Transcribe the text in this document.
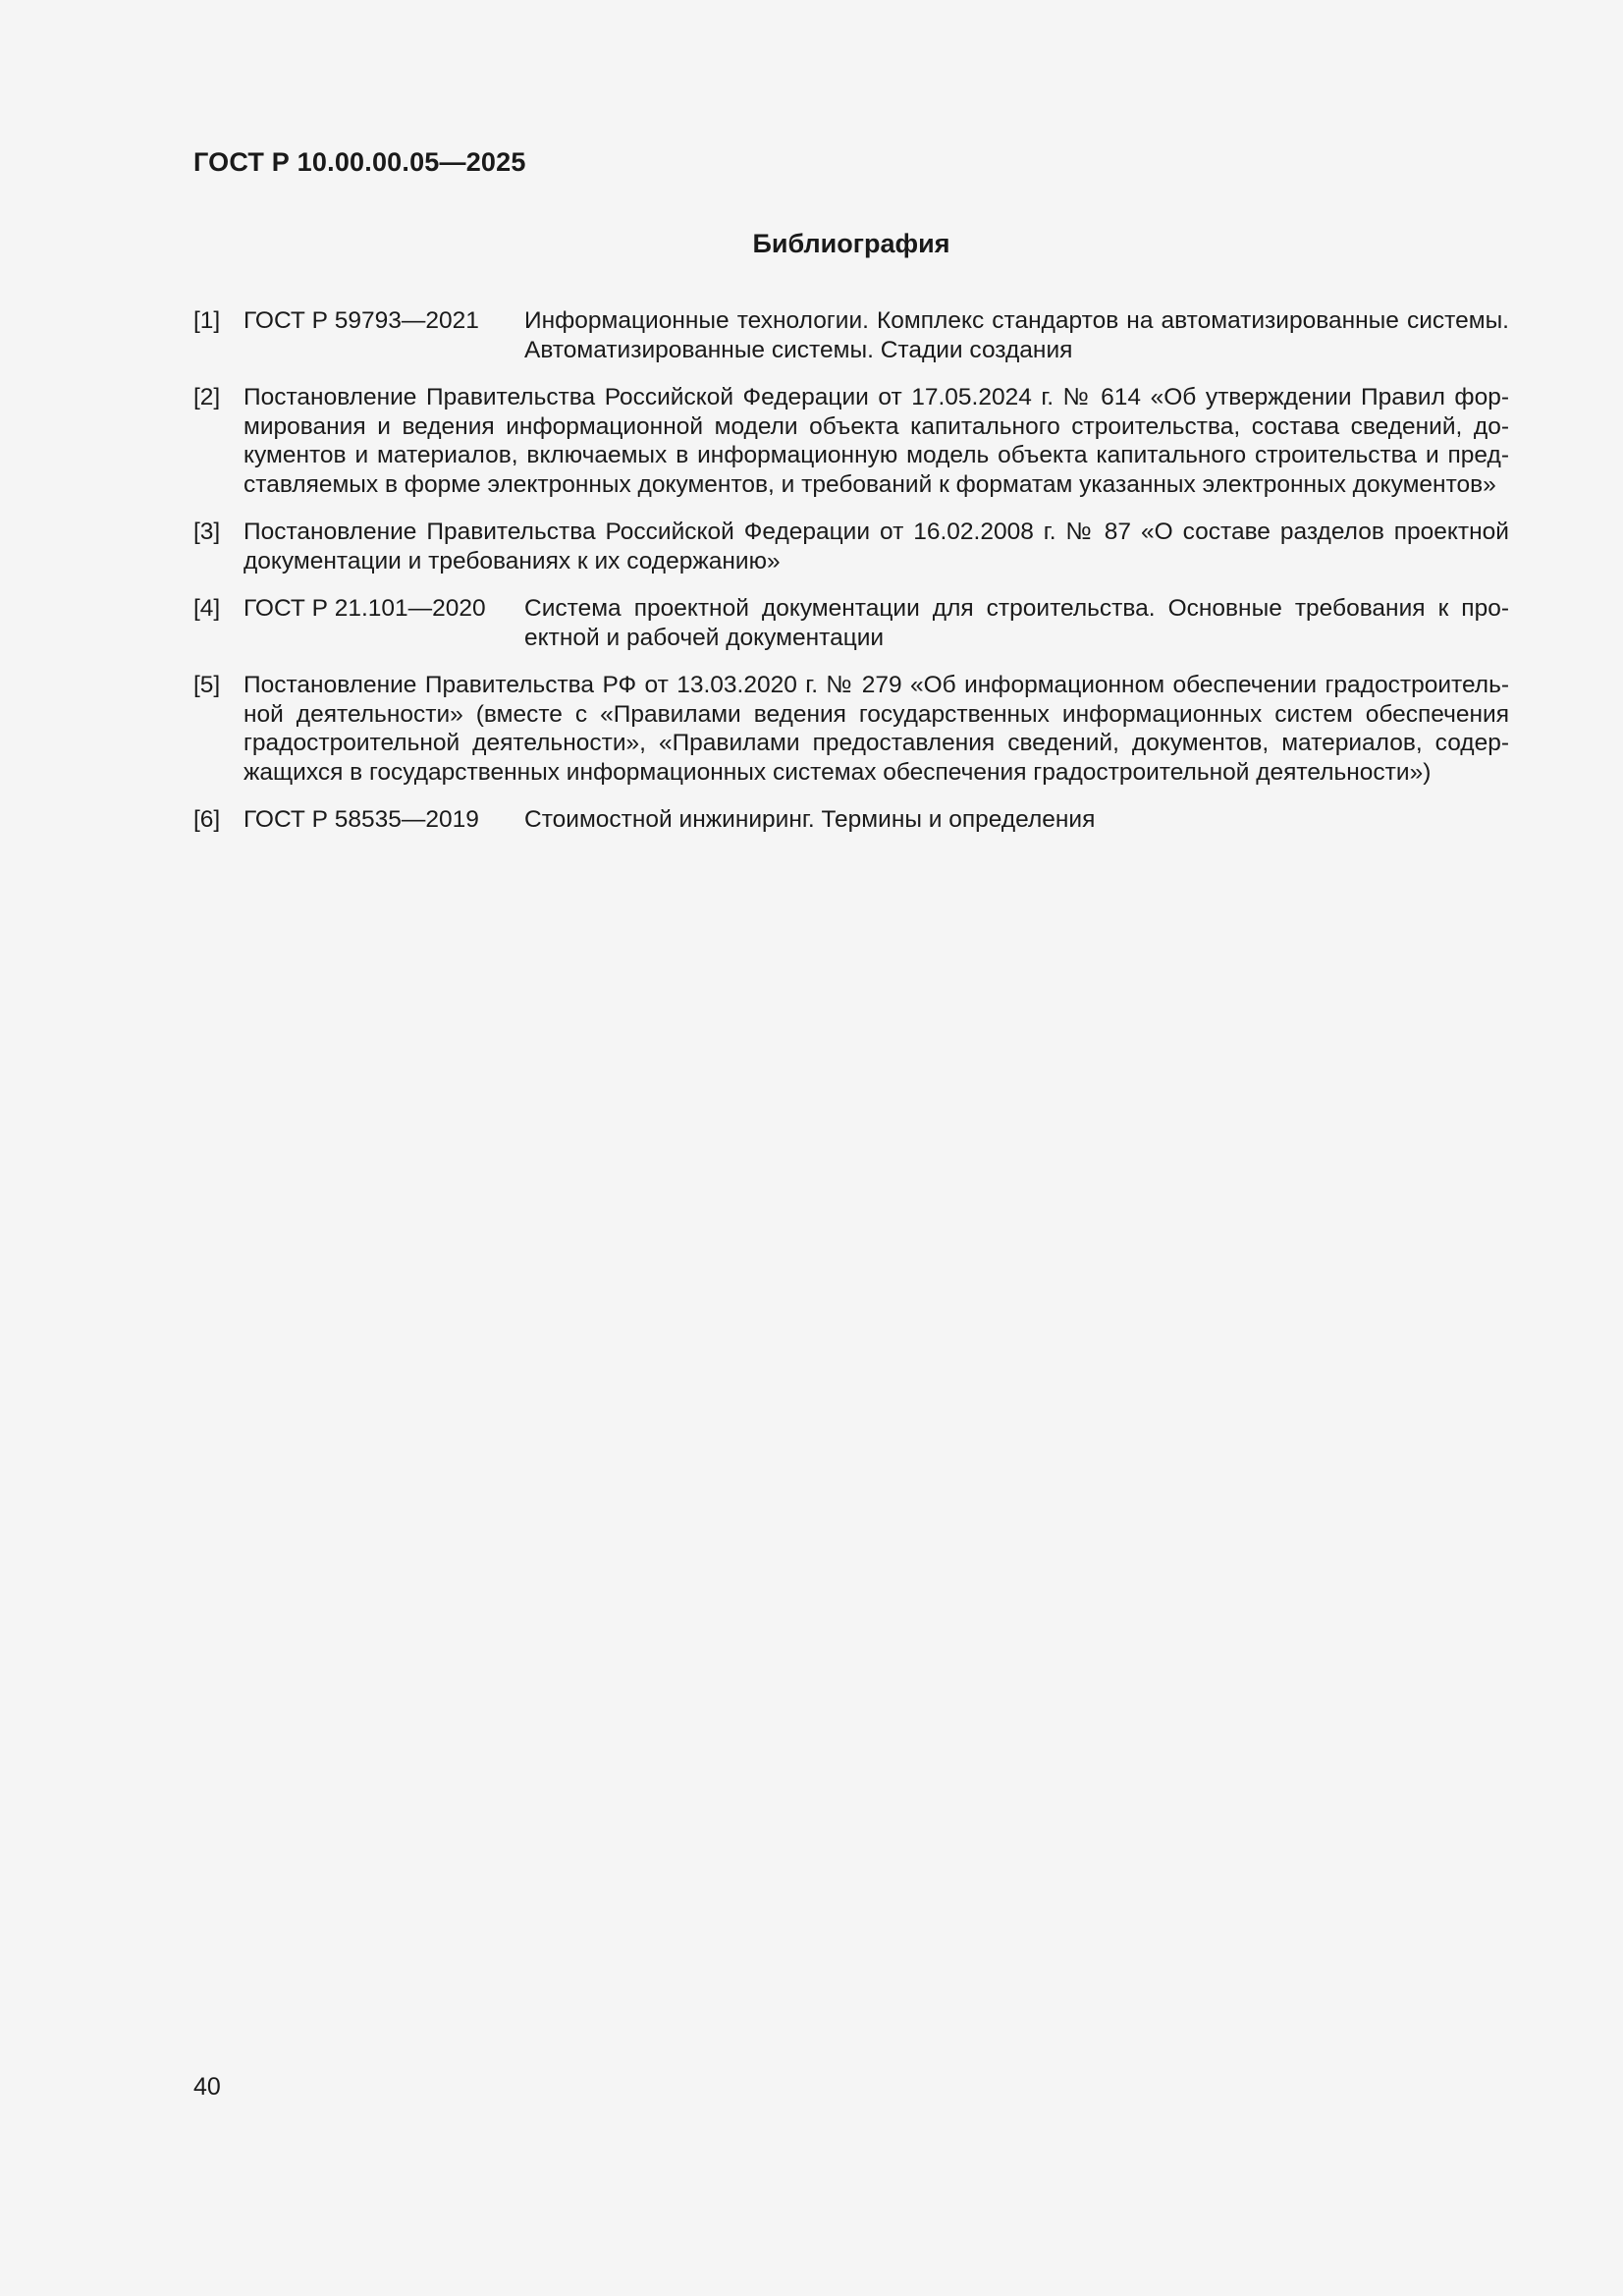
ГОСТ Р 10.00.00.05—2025
Библиография
[1] ГОСТ Р 59793—2021 Информационные технологии. Комплекс стандартов на автоматизированные системы. Автоматизированные системы. Стадии создания
[2] Постановление Правительства Российской Федерации от 17.05.2024 г. № 614 «Об утверждении Правил формирования и ведения информационной модели объекта капитального строительства, состава сведений, документов и материалов, включаемых в информационную модель объекта капитального строительства и представляемых в форме электронных документов, и требований к форматам указанных электронных документов»
[3] Постановление Правительства Российской Федерации от 16.02.2008 г. № 87 «О составе разделов проектной документации и требованиях к их содержанию»
[4] ГОСТ Р 21.101—2020 Система проектной документации для строительства. Основные требования к проектной и рабочей документации
[5] Постановление Правительства РФ от 13.03.2020 г. № 279 «Об информационном обеспечении градостроительной деятельности» (вместе с «Правилами ведения государственных информационных систем обеспечения градостроительной деятельности», «Правилами предоставления сведений, документов, материалов, содержащихся в государственных информационных системах обеспечения градостроительной деятельности»)
[6] ГОСТ Р 58535—2019 Стоимостной инжиниринг. Термины и определения
40
